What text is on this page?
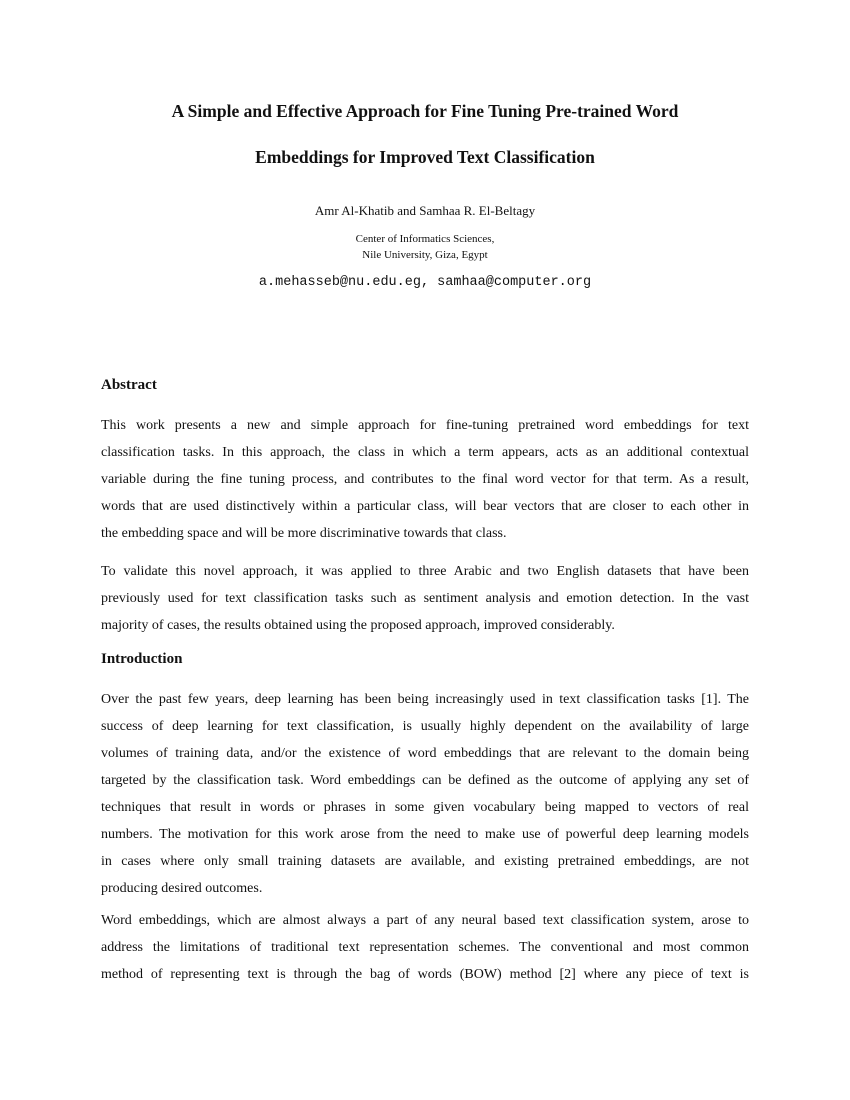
A Simple and Effective Approach for Fine Tuning Pre-trained Word
Embeddings for Improved Text Classification
Amr Al-Khatib and Samhaa R. El-Beltagy
Center of Informatics Sciences,
Nile University, Giza, Egypt
a.mehasseb@nu.edu.eg, samhaa@computer.org
Abstract
This work presents a new and simple approach for fine-tuning pretrained word embeddings for text
classification tasks. In this approach, the class in which a term appears, acts as an additional contextual
variable during the fine tuning process, and contributes to the final word vector for that term. As a result,
words that are used distinctively within a particular class, will bear vectors that are closer to each other in
the embedding space and will be more discriminative towards that class.
To validate this novel approach, it was applied to three Arabic and two English datasets that have been
previously used for text classification tasks such as sentiment analysis and emotion detection. In the vast
majority of cases, the results obtained using the proposed approach, improved considerably.
Introduction
Over the past few years, deep learning has been being increasingly used in text classification tasks [1]. The
success of deep learning for text classification, is usually highly dependent on the availability of large
volumes of training data, and/or the existence of word embeddings that are relevant to the domain being
targeted by the classification task. Word embeddings can be defined as the outcome of applying any set of
techniques that result in words or phrases in some given vocabulary being mapped to vectors of real
numbers. The motivation for this work arose from the need to make use of powerful deep learning models
in cases where only small training datasets are available, and existing pretrained embeddings, are not
producing desired outcomes.
Word embeddings, which are almost always a part of any neural based text classification system, arose to
address the limitations of traditional text representation schemes. The conventional and most common
method of representing text is through the bag of words (BOW) method [2] where any piece of text is
